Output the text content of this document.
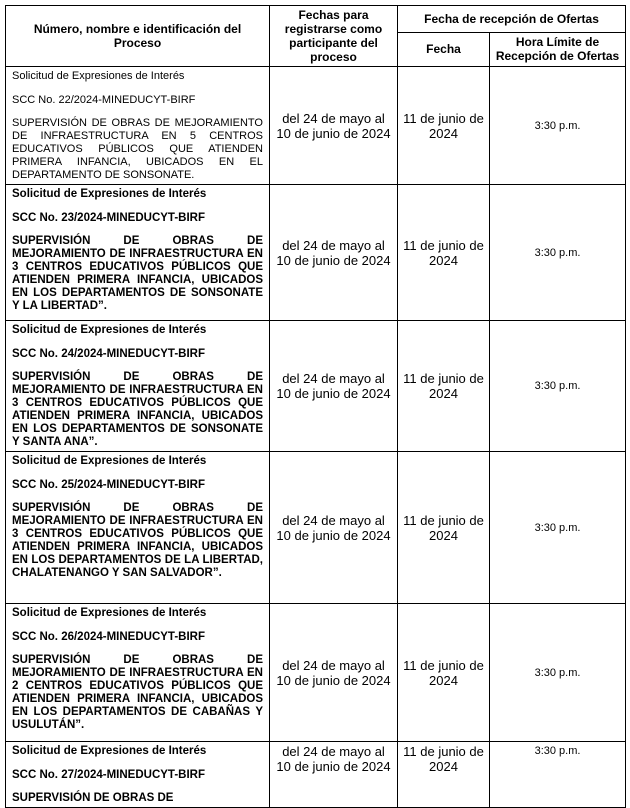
Número, nombre e identificación del Proceso	Fechas para registrarse como participante del proceso	Fecha de recepción de Ofertas	
		Fecha	Hora Límite de Recepción de Ofertas

Solicitud de Expresiones de Interés

SCC No. 22/2024-MINEDUCYT-BIRF

SUPERVISIÓN DE OBRAS DE MEJORAMIENTO DE INFRAESTRUCTURA EN 5 CENTROS EDUCATIVOS PÚBLICOS QUE ATIENDEN PRIMERA INFANCIA, UBICADOS EN EL DEPARTAMENTO DE SONSONATE.	del 24 de mayo al 10 de junio de 2024	11 de junio de 2024	3:30 p.m.

Solicitud de Expresiones de Interés

SCC No. 23/2024-MINEDUCYT-BIRF

SUPERVISIÓN DE OBRAS DE MEJORAMIENTO DE INFRAESTRUCTURA EN 3 CENTROS EDUCATIVOS PÚBLICOS QUE ATIENDEN PRIMERA INFANCIA, UBICADOS EN LOS DEPARTAMENTOS DE SONSONATE Y LA LIBERTAD”.	del 24 de mayo al 10 de junio de 2024	11 de junio de 2024	3:30 p.m.

Solicitud de Expresiones de Interés

SCC No. 24/2024-MINEDUCYT-BIRF

SUPERVISIÓN DE OBRAS DE MEJORAMIENTO DE INFRAESTRUCTURA EN 3 CENTROS EDUCATIVOS PÚBLICOS QUE ATIENDEN PRIMERA INFANCIA, UBICADOS EN LOS DEPARTAMENTOS DE SONSONATE Y SANTA ANA”.	del 24 de mayo al 10 de junio de 2024	11 de junio de 2024	3:30 p.m.

Solicitud de Expresiones de Interés

SCC No. 25/2024-MINEDUCYT-BIRF

SUPERVISIÓN DE OBRAS DE MEJORAMIENTO DE INFRAESTRUCTURA EN 3 CENTROS EDUCATIVOS PÚBLICOS QUE ATIENDEN PRIMERA INFANCIA, UBICADOS EN LOS DEPARTAMENTOS DE LA LIBERTAD, CHALATENANGO Y SAN SALVADOR”.	del 24 de mayo al 10 de junio de 2024	11 de junio de 2024	3:30 p.m.

Solicitud de Expresiones de Interés

SCC No. 26/2024-MINEDUCYT-BIRF

SUPERVISIÓN DE OBRAS DE MEJORAMIENTO DE INFRAESTRUCTURA EN 2 CENTROS EDUCATIVOS PÚBLICOS QUE ATIENDEN PRIMERA INFANCIA, UBICADOS EN LOS DEPARTAMENTOS DE CABAÑAS Y USULUTÁN”.	del 24 de mayo al 10 de junio de 2024	11 de junio de 2024	3:30 p.m.

Solicitud de Expresiones de Interés

SCC No. 27/2024-MINEDUCYT-BIRF

SUPERVISIÓN DE OBRAS DE	del 24 de mayo al 10 de junio de 2024	11 de junio de 2024	3:30 p.m.
